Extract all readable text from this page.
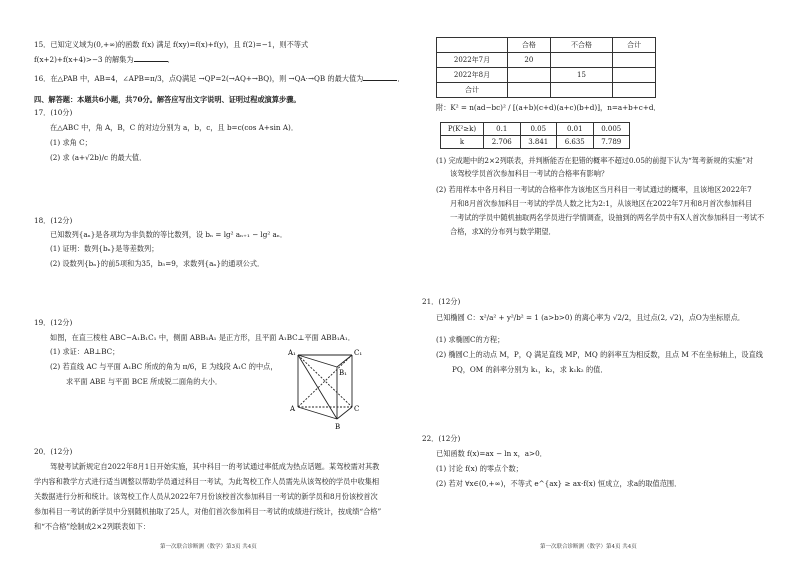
15．已知定义域为(0,+∞)的函数 f(x) 满足 f(xy)=f(x)+f(y)，且 f(2)=−1，则不等式
f(x+2)+f(x+4)>−3 的解集为	．
16．在△PAB 中，AB=4，∠APB=π/3，点Q满足 →QP=2(→AQ+→BQ)，则 →QA·→QB 的最大值为	．
四、解答题：本题共6小题，共70分。解答应写出文字说明、证明过程或演算步骤。
17．(10分)
在△ABC 中，角 A，B，C 的对边分别为 a，b，c，且 b=c(cos A+sin A)．
(1) 求角 C；
(2) 求 (a+√2b)/c 的最大值．
18．(12分)
已知数列{aₙ}是各项均为非负数的等比数列，设 bₙ = lg² aₙ₊₁ − lg² aₙ．
(1) 证明：数列{bₙ}是等差数列；
(2) 设数列{bₙ}的前5项和为35，b₅=9，求数列{aₙ}的通项公式．
19．(12分)
如图，在直三棱柱 ABC−A₁B₁C₁ 中，侧面 ABB₁A₁ 是正方形，且平面 A₁BC⊥平面 ABB₁A₁．
(1) 求证：AB⊥BC；
(2) 若直线 AC 与平面 A₁BC 所成的角为 π/6，E 为线段 A₁C 的中点，
求平面 ABE 与平面 BCE 所成锐二面角的大小．
A₁	C₁
B₁
A	C
B
20．(12分)
驾驶考试新规定自2022年8月1日开始实施，其中科目一的考试通过率低成为热点话题。某驾校需对其教
学内容和教学方式进行适当调整以帮助学员通过科目一考试，为此驾校工作人员需先从该驾校的学员中收集相
关数据进行分析和统计。该驾校工作人员从2022年7月份该校首次参加科目一考试的新学员和8月份该校首次
参加科目一考试的新学员中分别随机抽取了25人，对他们首次参加科目一考试的成绩进行统计，按成绩“合格”
和“不合格”绘制成2×2列联表如下：
第一次联合诊断测（数学）第3页 共4页
	合格	不合格	合计
2022年7月	20		
2022年8月		15	
合计			
附：K² = n(ad−bc)² / [(a+b)(c+d)(a+c)(b+d)]，n=a+b+c+d．
P(K²≥k)	0.1	0.05	0.01	0.005
k	2.706	3.841	6.635	7.789
(1) 完成题中的2×2列联表，并判断能否在犯错的概率不超过0.05的前提下认为“驾考新规的实施”对
该驾校学员首次参加科目一考试的合格率有影响？
(2) 若用样本中各月科目一考试的合格率作为该地区当月科目一考试通过的概率，且该地区2022年7
月和8月首次参加科目一考试的学员人数之比为2:1，从该地区在2022年7月和8月首次参加科目
一考试的学员中随机抽取两名学员进行学情调查，设抽到的两名学员中有X人首次参加科目一考试不
合格，求X的分布列与数学期望．
21．(12分)
已知椭圆 C：x²/a² + y²/b² = 1 (a>b>0) 的离心率为 √2/2，且过点(2, √2)，点O为坐标原点．
(1) 求椭圆C的方程；
(2) 椭圆C上的动点 M，P，Q 满足直线 MP，MQ 的斜率互为相反数，且点 M 不在坐标轴上，设直线
PQ，OM 的斜率分别为 k₁，k₂，求 k₁k₂ 的值．
22．(12分)
已知函数 f(x)=ax − ln x，a>0．
(1) 讨论 f(x) 的零点个数；
(2) 若对 ∀x∈(0,+∞)，不等式 e^{ax} ≥ ax·f(x) 恒成立，求a的取值范围．
第一次联合诊断测（数学）第4页 共4页
